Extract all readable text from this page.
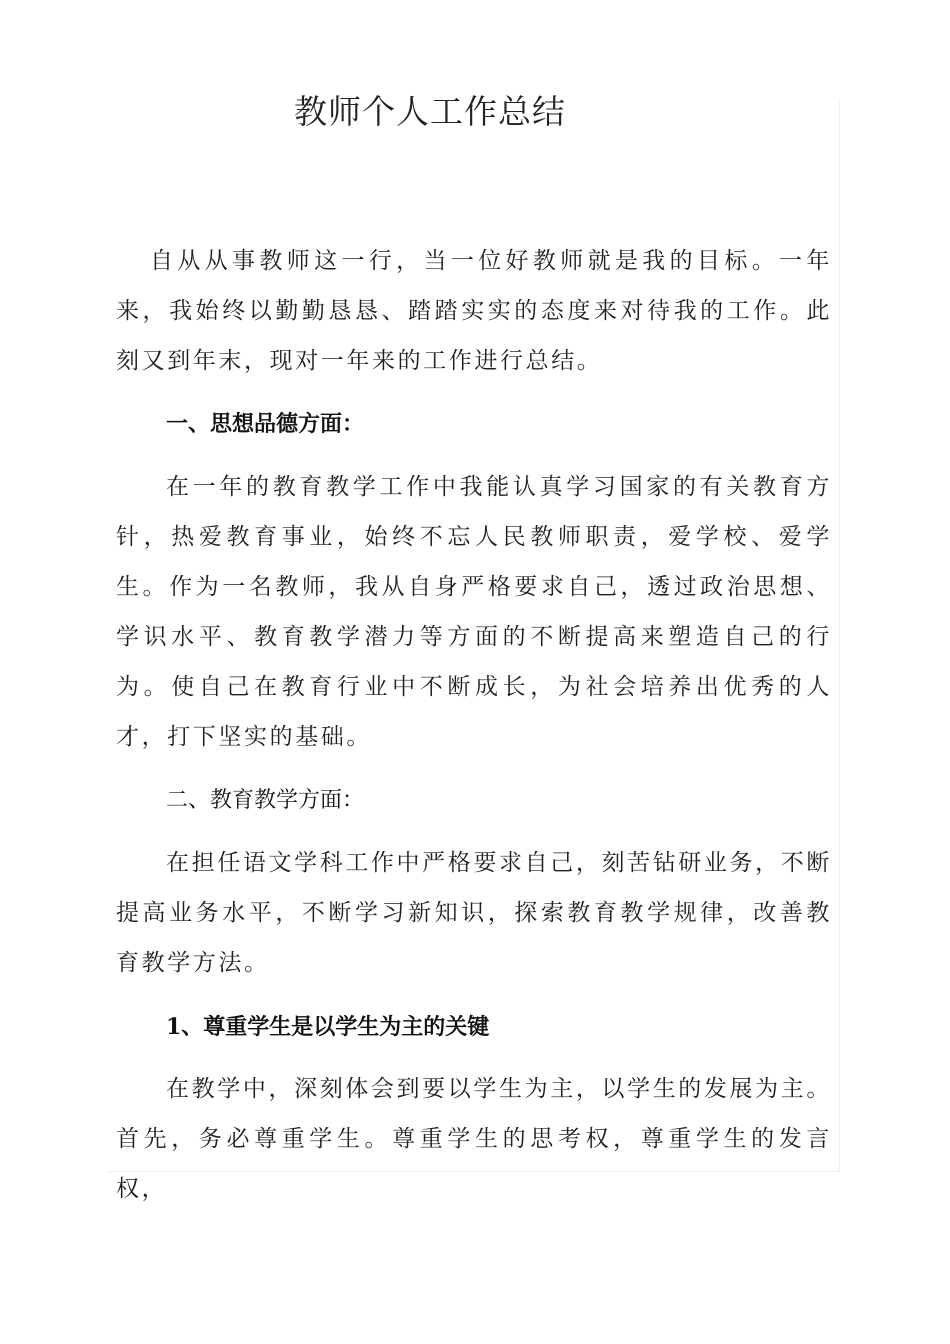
教师个人工作总结

自从从事教师这一行，当一位好教师就是我的目标。一年来，我始终以勤勤恳恳、踏踏实实的态度来对待我的工作。此刻又到年末，现对一年来的工作进行总结。

一、思想品德方面：

在一年的教育教学工作中我能认真学习国家的有关教育方针，热爱教育事业，始终不忘人民教师职责，爱学校、爱学生。作为一名教师，我从自身严格要求自己，透过政治思想、学识水平、教育教学潜力等方面的不断提高来塑造自己的行为。使自己在教育行业中不断成长，为社会培养出优秀的人才，打下坚实的基础。

二、教育教学方面：

在担任语文学科工作中严格要求自己，刻苦钻研业务，不断提高业务水平，不断学习新知识，探索教育教学规律，改善教育教学方法。

1、尊重学生是以学生为主的关键

在教学中，深刻体会到要以学生为主，以学生的发展为主。首先，务必尊重学生。尊重学生的思考权，尊重学生的发言权，
